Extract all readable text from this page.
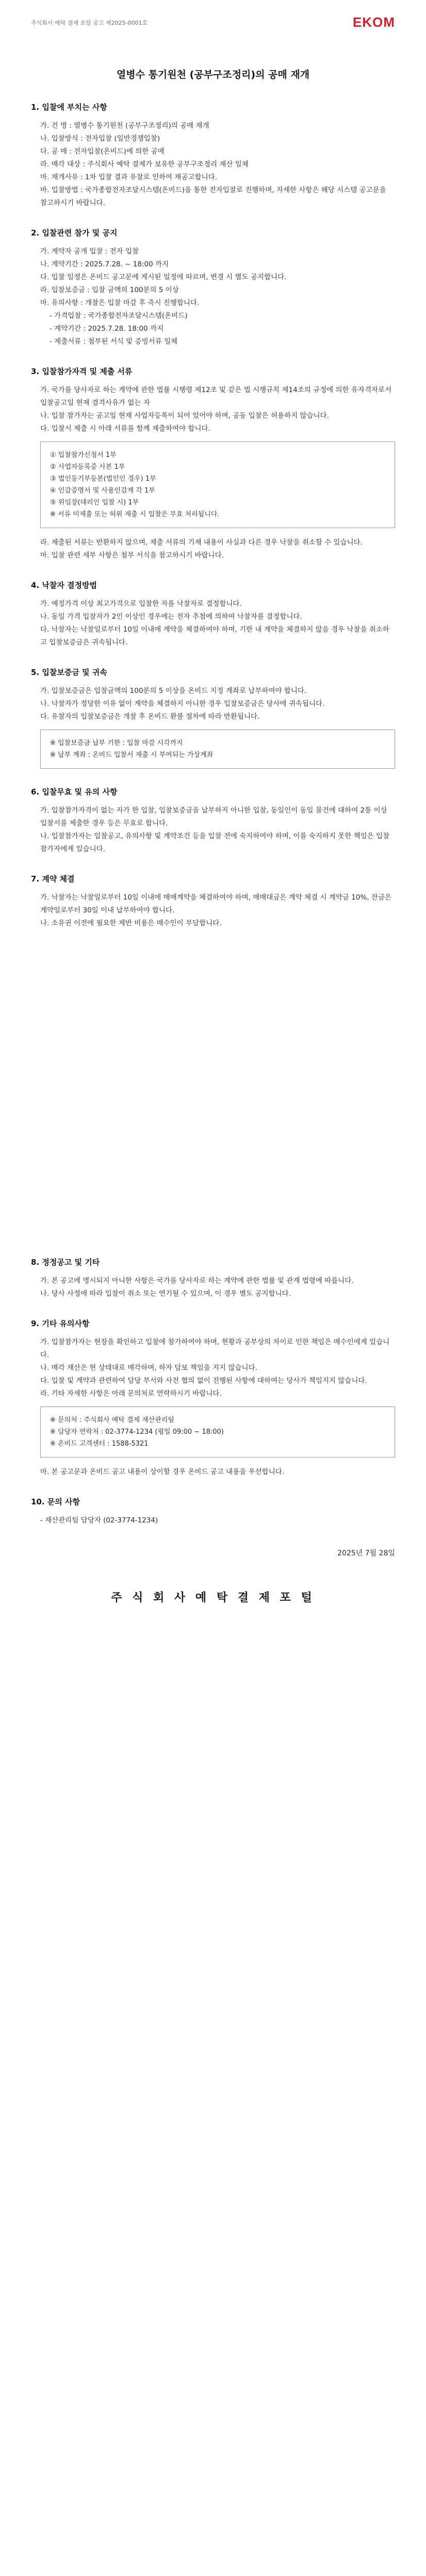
주식회사 예탁 결제 포털 공고 제2025-0001호	EKOM
열병수 통기원천 (공부구조정리)의 공매 재개
1. 입찰에 부치는 사항

가. 건 명 : 열병수 통기원천 (공부구조정리)의 공매 재개

나. 입찰방식 : 전자입찰 (일반경쟁입찰)

다. 공 매 : 전자입찰(온비드)에 의한 공매

라. 매각 대상 : 주식회사 예탁 결제가 보유한 공부구조정리 재산 일체

마. 재개사유 : 1차 입찰 결과 유찰로 인하여 재공고합니다.

바. 입찰방법 : 국가종합전자조달시스템(온비드)을 통한 전자입찰로 진행하며, 자세한 사항은 해당 시스템 공고문을 참고하시기 바랍니다.

2. 입찰관련 참가 및 공지

가. 계약자 공개 입찰 : 전자 입찰

나. 계약기간 : 2025.7.28. ~ 18:00 까지

다. 입찰 일정은 온비드 공고문에 게시된 일정에 따르며, 변경 시 별도 공지합니다.

라. 입찰보증금 : 입찰 금액의 100분의 5 이상

마. 유의사항 : 개찰은 입찰 마감 후 즉시 진행합니다.

- 가격입찰 : 국가종합전자조달시스템(온비드)

- 계약기간 : 2025.7.28. 18:00 까지

- 제출서류 : 첨부된 서식 및 증빙서류 일체

3. 입찰참가자격 및 제출 서류

가. 국가를 당사자로 하는 계약에 관한 법률 시행령 제12조 및 같은 법 시행규칙 제14조의 규정에 의한 유자격자로서 입찰공고일 현재 결격사유가 없는 자

나. 입찰 참가자는 공고일 현재 사업자등록이 되어 있어야 하며, 공동 입찰은 허용하지 않습니다.

다. 입찰서 제출 시 아래 서류를 함께 제출하여야 합니다.

① 입찰참가신청서 1부

② 사업자등록증 사본 1부

③ 법인등기부등본(법인인 경우) 1부

④ 인감증명서 및 사용인감계 각 1부

⑤ 위임장(대리인 입찰 시) 1부

※ 서류 미제출 또는 허위 제출 시 입찰은 무효 처리됩니다.

라. 제출된 서류는 반환하지 않으며, 제출 서류의 기재 내용이 사실과 다른 경우 낙찰을 취소할 수 있습니다.

마. 입찰 관련 세부 사항은 첨부 서식을 참고하시기 바랍니다.

4. 낙찰자 결정방법

가. 예정가격 이상 최고가격으로 입찰한 자를 낙찰자로 결정합니다.

나. 동일 가격 입찰자가 2인 이상인 경우에는 전자 추첨에 의하여 낙찰자를 결정합니다.

다. 낙찰자는 낙찰일로부터 10일 이내에 계약을 체결하여야 하며, 기한 내 계약을 체결하지 않을 경우 낙찰을 취소하고 입찰보증금은 귀속됩니다.

5. 입찰보증금 및 귀속

가. 입찰보증금은 입찰금액의 100분의 5 이상을 온비드 지정 계좌로 납부하여야 합니다.

나. 낙찰자가 정당한 이유 없이 계약을 체결하지 아니한 경우 입찰보증금은 당사에 귀속됩니다.

다. 유찰자의 입찰보증금은 개찰 후 온비드 환불 절차에 따라 반환됩니다.

※ 입찰보증금 납부 기한 : 입찰 마감 시각까지

※ 납부 계좌 : 온비드 입찰서 제출 시 부여되는 가상계좌

6. 입찰무효 및 유의 사항

가. 입찰참가자격이 없는 자가 한 입찰, 입찰보증금을 납부하지 아니한 입찰, 동일인이 동일 물건에 대하여 2통 이상 입찰서를 제출한 경우 등은 무효로 합니다.

나. 입찰참가자는 입찰공고, 유의사항 및 계약조건 등을 입찰 전에 숙지하여야 하며, 이를 숙지하지 못한 책임은 입찰참가자에게 있습니다.

7. 계약 체결

가. 낙찰자는 낙찰일로부터 10일 이내에 매매계약을 체결하여야 하며, 매매대금은 계약 체결 시 계약금 10%, 잔금은 계약일로부터 30일 이내 납부하여야 합니다.

나. 소유권 이전에 필요한 제반 비용은 매수인이 부담합니다.

8. 정정공고 및 기타

가. 본 공고에 명시되지 아니한 사항은 국가를 당사자로 하는 계약에 관한 법률 및 관계 법령에 따릅니다.

나. 당사 사정에 따라 입찰이 취소 또는 연기될 수 있으며, 이 경우 별도 공지합니다.

9. 기타 유의사항

가. 입찰참가자는 현장을 확인하고 입찰에 참가하여야 하며, 현황과 공부상의 차이로 인한 책임은 매수인에게 있습니다.

나. 매각 재산은 현 상태대로 매각하며, 하자 담보 책임을 지지 않습니다.

다. 입찰 및 계약과 관련하여 담당 부서와 사전 협의 없이 진행된 사항에 대하여는 당사가 책임지지 않습니다.

라. 기타 자세한 사항은 아래 문의처로 연락하시기 바랍니다.

※ 문의처 : 주식회사 예탁 결제 재산관리팀

※ 담당자 연락처 : 02-3774-1234 (평일 09:00 ~ 18:00)

※ 온비드 고객센터 : 1588-5321

마. 본 공고문과 온비드 공고 내용이 상이할 경우 온비드 공고 내용을 우선합니다.

10. 문의 사항

- 재산관리팀 담당자 (02-3774-1234)

2025년 7월 28일
주 식 회 사 예 탁 결 제 포 털
